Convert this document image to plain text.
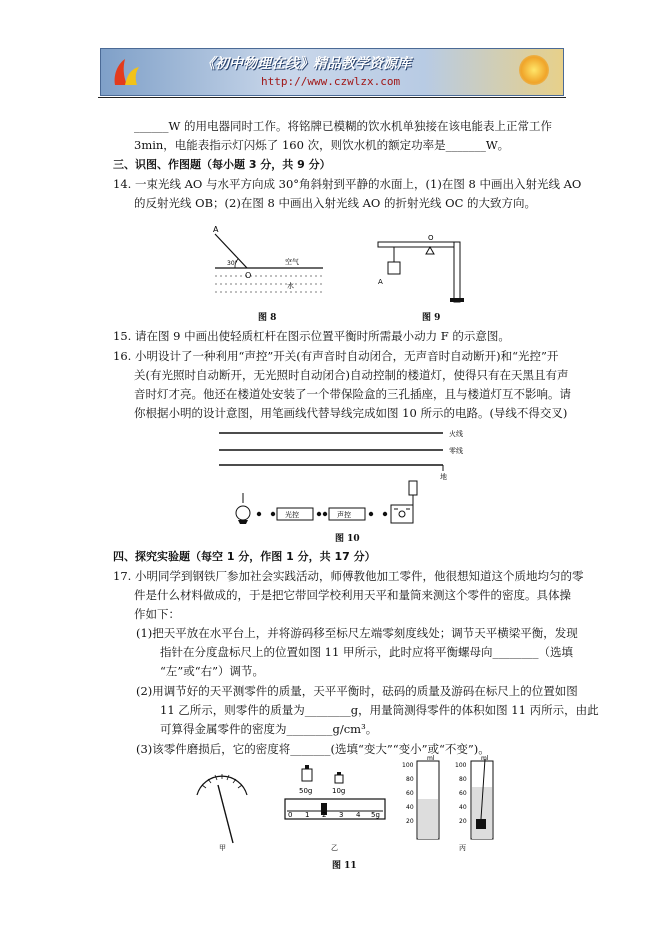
《初中物理在线》精品教学资源库
http://www.czwlzx.com
______W 的用电器同时工作。将铭牌已模糊的饮水机单独接在该电能表上正常工作
3min，电能表指示灯闪烁了 160 次，则饮水机的额定功率是_______W。
三、识图、作图题（每小题 3 分，共 9 分）
14. 一束光线 AO 与水平方向成 30°角斜射到平静的水面上，(1)在图 8 中画出入射光线 AO
的反射光线 OB；(2)在图 8 中画出入射光线 AO 的折射光线 OC 的大致方向。
A
O
30°	空气
水
图 8
O
A
图 9
15. 请在图 9 中画出使轻质杠杆在图示位置平衡时所需最小动力 F 的示意图。
16. 小明设计了一种利用“声控”开关(有声音时自动闭合，无声音时自动断开)和“光控”开
关(有光照时自动断开，无光照时自动闭合)自动控制的楼道灯，使得只有在天黑且有声
音时灯才亮。他还在楼道处安装了一个带保险盒的三孔插座，且与楼道灯互不影响。请
你根据小明的设计意图，用笔画线代替导线完成如图 10 所示的电路。(导线不得交叉)
火线
零线
地
光控	声控
图 10
四、探究实验题（每空 1 分，作图 1 分，共 17 分）
17. 小明同学到钢铁厂参加社会实践活动，师傅教他加工零件，他很想知道这个质地均匀的零
件是什么材料做成的，于是把它带回学校利用天平和量筒来测这个零件的密度。具体操
作如下：
(1)把天平放在水平台上，并将游码移至标尺左端零刻度线处；调节天平横梁平衡，发现
指针在分度盘标尺上的位置如图 11 甲所示，此时应将平衡螺母向________（选填
“左”或“右”）调节。
(2)用调节好的天平测零件的质量，天平平衡时，砝码的质量及游码在标尺上的位置如图
11 乙所示，则零件的质量为________g，用量筒测得零件的体积如图 11 丙所示，由此
可算得金属零件的密度为________g/cm³。
(3)该零件磨损后，它的密度将_______(选填“变大”“变小”或“不变”)。
50g	10g
0 1 2 3 4 5g
ml	ml
100
80
60
40
20
100
80
60
40
20
甲	乙	丙
图 11
